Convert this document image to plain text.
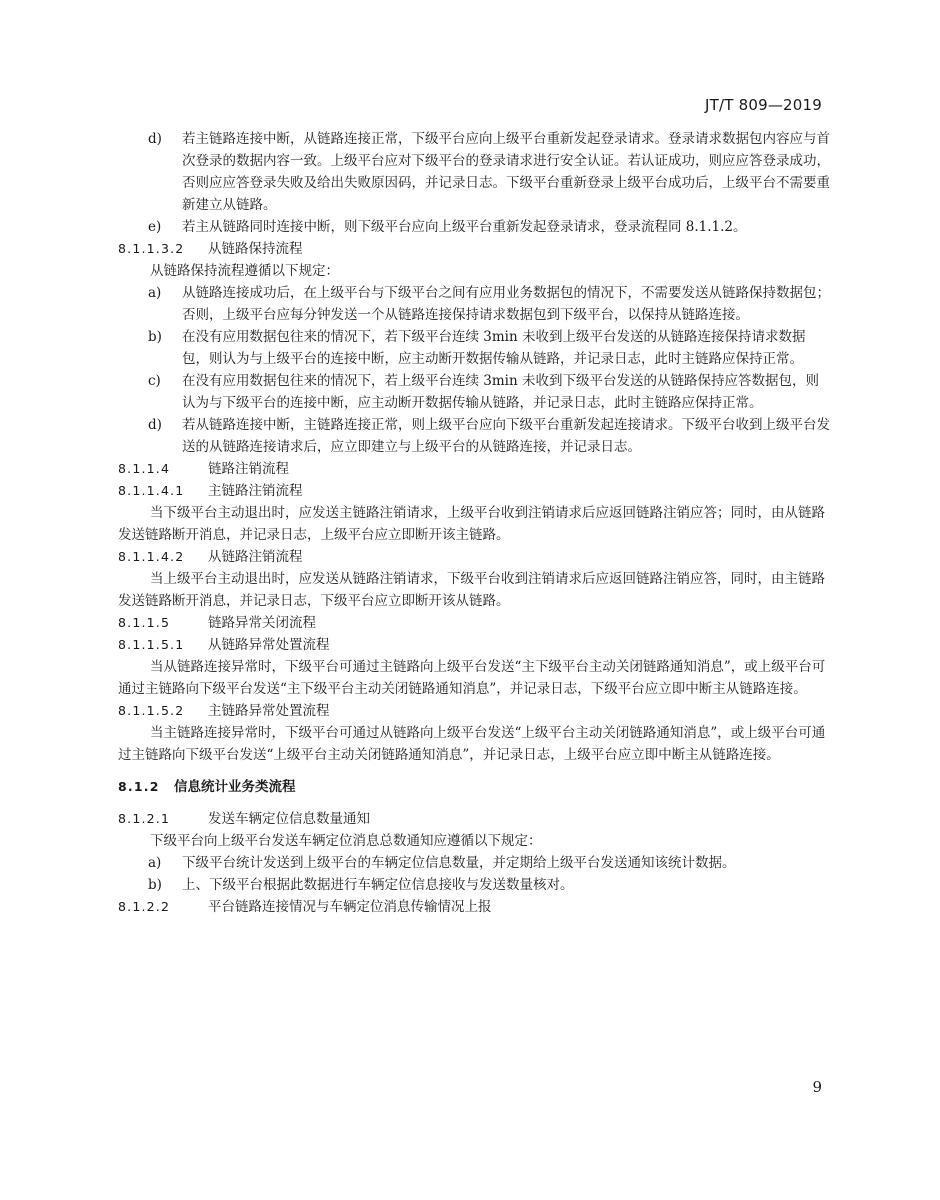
JT/T 809—2019
d) 若主链路连接中断，从链路连接正常，下级平台应向上级平台重新发起登录请求。登录请求数据包内容应与首次登录的数据内容一致。上级平台应对下级平台的登录请求进行安全认证。若认证成功，则应应答登录成功，否则应应答登录失败及给出失败原因码，并记录日志。下级平台重新登录上级平台成功后，上级平台不需要重新建立从链路。
e) 若主从链路同时连接中断，则下级平台应向上级平台重新发起登录请求，登录流程同 8.1.1.2。
8.1.1.3.2 从链路保持流程
从链路保持流程遵循以下规定：
a) 从链路连接成功后，在上级平台与下级平台之间有应用业务数据包的情况下，不需要发送从链路保持数据包；否则，上级平台应每分钟发送一个从链路连接保持请求数据包到下级平台，以保持从链路连接。
b) 在没有应用数据包往来的情况下，若下级平台连续 3min 未收到上级平台发送的从链路连接保持请求数据包，则认为与上级平台的连接中断，应主动断开数据传输从链路，并记录日志，此时主链路应保持正常。
c) 在没有应用数据包往来的情况下，若上级平台连续 3min 未收到下级平台发送的从链路保持应答数据包，则认为与下级平台的连接中断，应主动断开数据传输从链路，并记录日志，此时主链路应保持正常。
d) 若从链路连接中断，主链路连接正常，则上级平台应向下级平台重新发起连接请求。下级平台收到上级平台发送的从链路连接请求后，应立即建立与上级平台的从链路连接，并记录日志。
8.1.1.4	链路注销流程
8.1.1.4.1 主链路注销流程
当下级平台主动退出时，应发送主链路注销请求，上级平台收到注销请求后应返回链路注销应答；同时，由从链路发送链路断开消息，并记录日志，上级平台应立即断开该主链路。
8.1.1.4.2 从链路注销流程
当上级平台主动退出时，应发送从链路注销请求，下级平台收到注销请求后应返回链路注销应答，同时，由主链路发送链路断开消息，并记录日志，下级平台应立即断开该从链路。
8.1.1.5	链路异常关闭流程
8.1.1.5.1 从链路异常处置流程
当从链路连接异常时，下级平台可通过主链路向上级平台发送“主下级平台主动关闭链路通知消息”，或上级平台可通过主链路向下级平台发送“主下级平台主动关闭链路通知消息”，并记录日志，下级平台应立即中断主从链路连接。
8.1.1.5.2 主链路异常处置流程
当主链路连接异常时，下级平台可通过从链路向上级平台发送“上级平台主动关闭链路通知消息”，或上级平台可通过主链路向下级平台发送“上级平台主动关闭链路通知消息”，并记录日志，上级平台应立即中断主从链路连接。
8.1.2 信息统计业务类流程
8.1.2.1	发送车辆定位信息数量通知
下级平台向上级平台发送车辆定位消息总数通知应遵循以下规定：
a) 下级平台统计发送到上级平台的车辆定位信息数量，并定期给上级平台发送通知该统计数据。
b) 上、下级平台根据此数据进行车辆定位信息接收与发送数量核对。
8.1.2.2	平台链路连接情况与车辆定位消息传输情况上报
9
